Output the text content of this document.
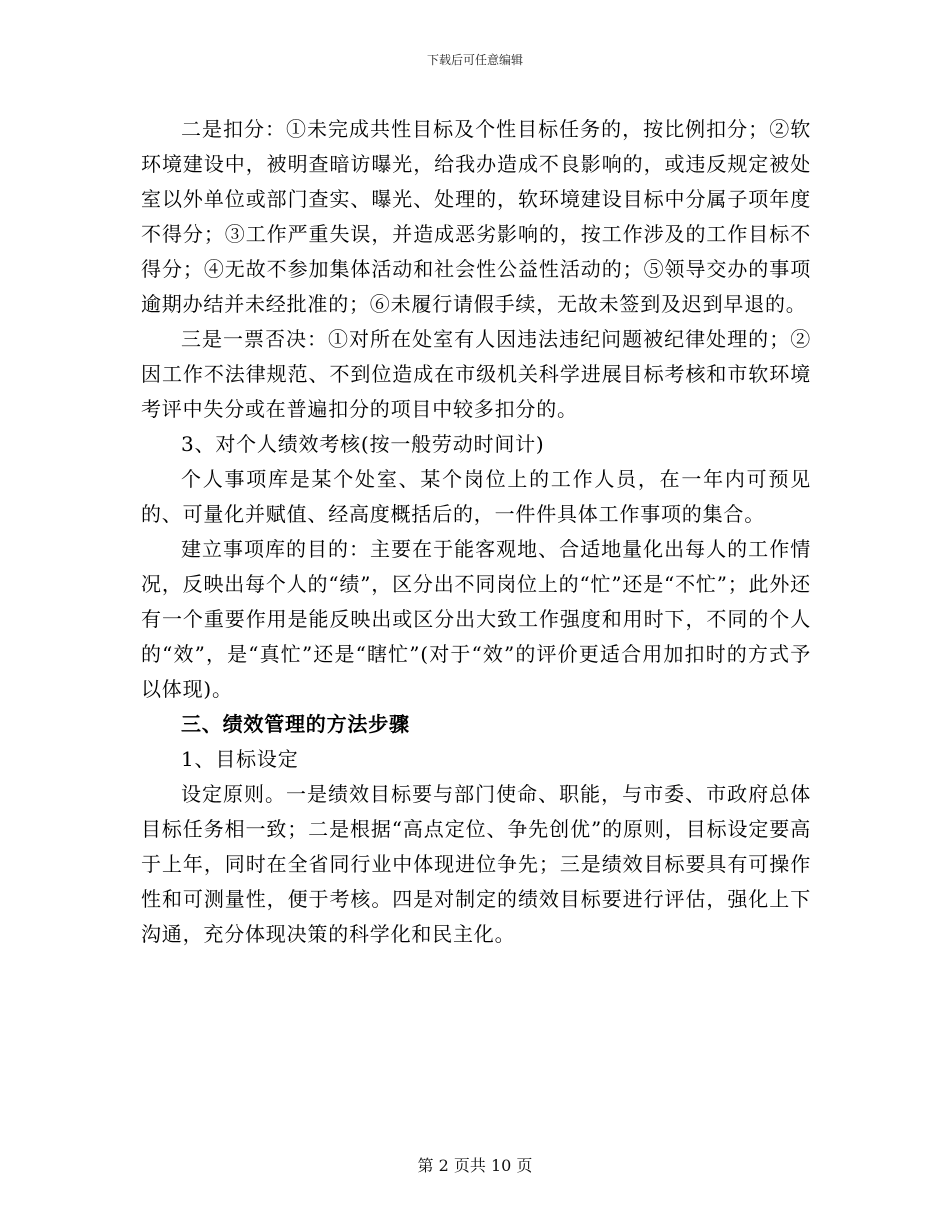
下载后可任意编辑

二是扣分：①未完成共性目标及个性目标任务的，按比例扣分；②软环境建设中，被明查暗访曝光，给我办造成不良影响的，或违反规定被处室以外单位或部门查实、曝光、处理的，软环境建设目标中分属子项年度不得分；③工作严重失误，并造成恶劣影响的，按工作涉及的工作目标不得分；④无故不参加集体活动和社会性公益性活动的；⑤领导交办的事项逾期办结并未经批准的；⑥未履行请假手续，无故未签到及迟到早退的。

三是一票否决：①对所在处室有人因违法违纪问题被纪律处理的；②因工作不法律规范、不到位造成在市级机关科学进展目标考核和市软环境考评中失分或在普遍扣分的项目中较多扣分的。

3、对个人绩效考核(按一般劳动时间计)

个人事项库是某个处室、某个岗位上的工作人员，在一年内可预见的、可量化并赋值、经高度概括后的，一件件具体工作事项的集合。

建立事项库的目的：主要在于能客观地、合适地量化出每人的工作情况，反映出每个人的“绩”，区分出不同岗位上的“忙”还是“不忙”；此外还有一个重要作用是能反映出或区分出大致工作强度和用时下，不同的个人的“效”，是“真忙”还是“瞎忙”(对于“效”的评价更适合用加扣时的方式予以体现)。

三、绩效管理的方法步骤

1、目标设定

设定原则。一是绩效目标要与部门使命、职能，与市委、市政府总体目标任务相一致；二是根据“高点定位、争先创优”的原则，目标设定要高于上年，同时在全省同行业中体现进位争先；三是绩效目标要具有可操作性和可测量性，便于考核。四是对制定的绩效目标要进行评估，强化上下沟通，充分体现决策的科学化和民主化。

第 2 页共 10 页
